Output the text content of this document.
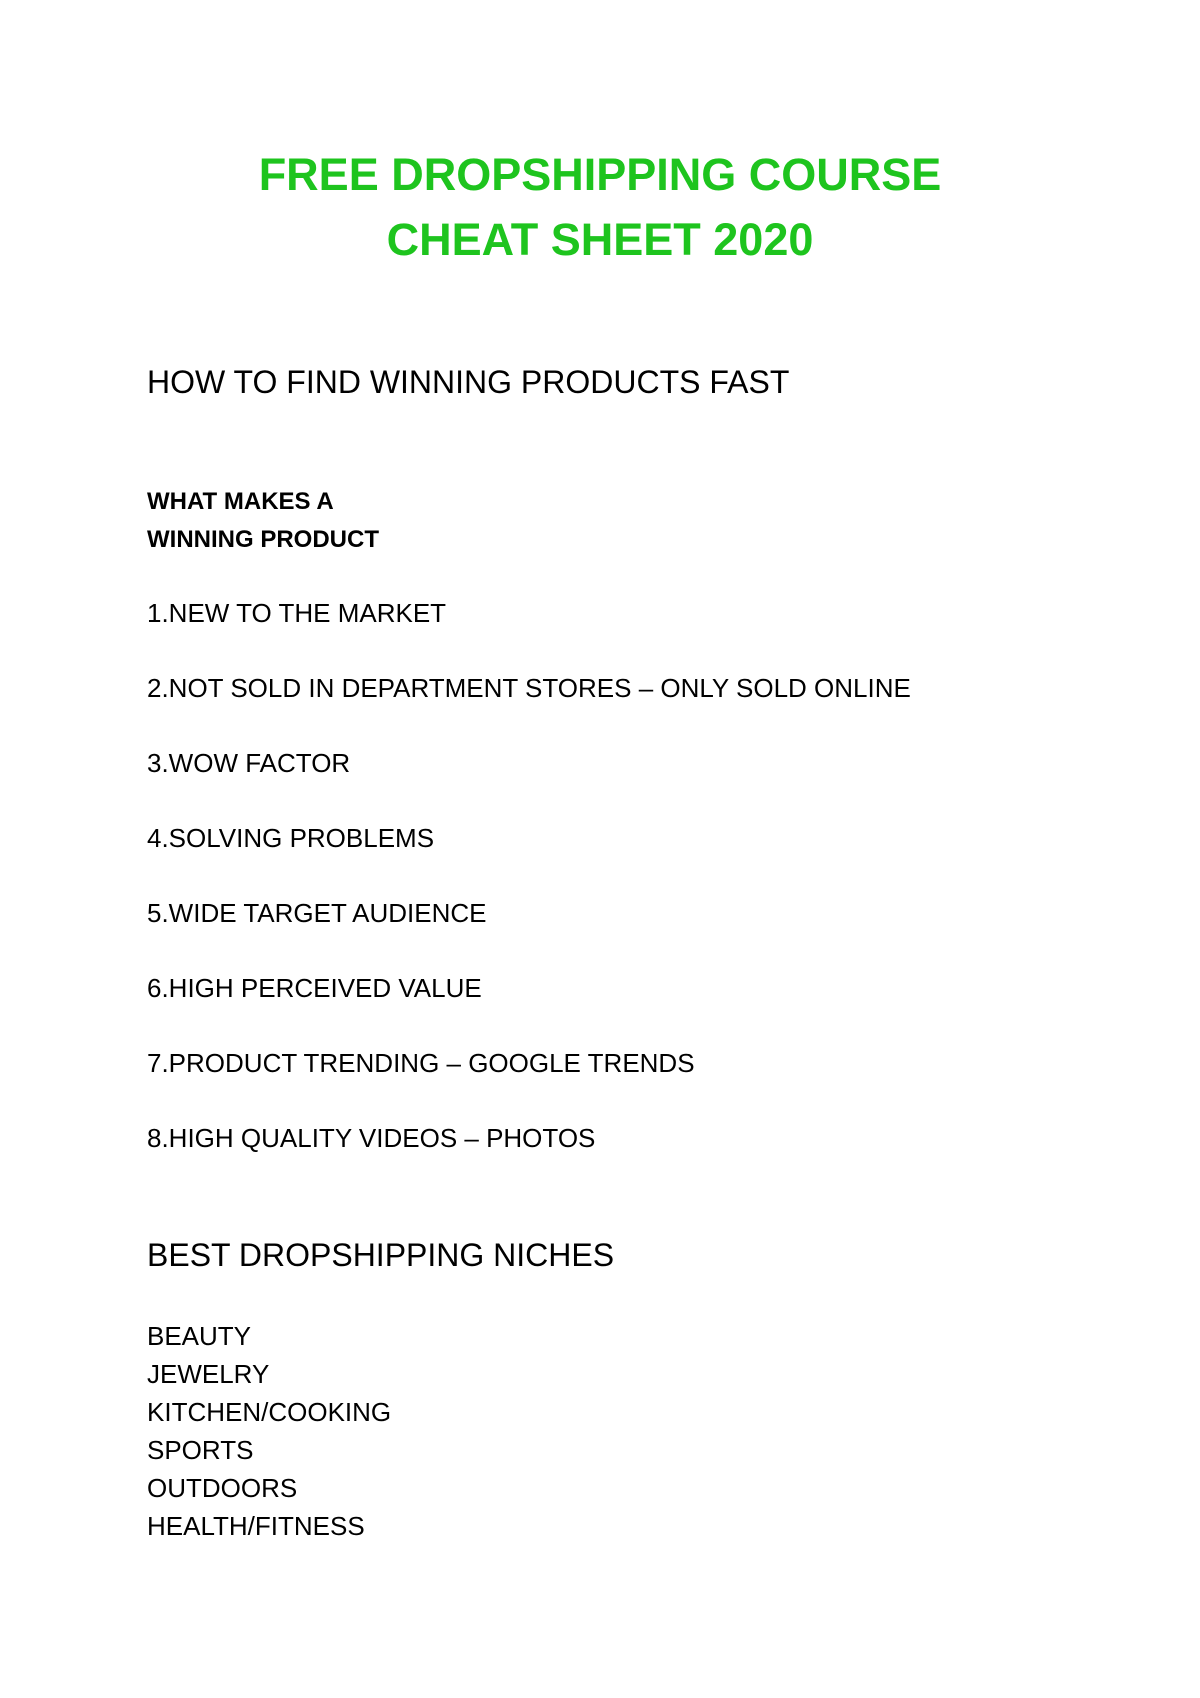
FREE DROPSHIPPING COURSE
CHEAT SHEET 2020
HOW TO FIND WINNING PRODUCTS FAST
WHAT MAKES A
WINNING PRODUCT
1.NEW TO THE MARKET
2.NOT SOLD IN DEPARTMENT STORES – ONLY SOLD ONLINE
3.WOW FACTOR
4.SOLVING PROBLEMS
5.WIDE TARGET AUDIENCE
6.HIGH PERCEIVED VALUE
7.PRODUCT TRENDING – GOOGLE TRENDS
8.HIGH QUALITY VIDEOS – PHOTOS
BEST DROPSHIPPING NICHES
BEAUTY
JEWELRY
KITCHEN/COOKING
SPORTS
OUTDOORS
HEALTH/FITNESS
